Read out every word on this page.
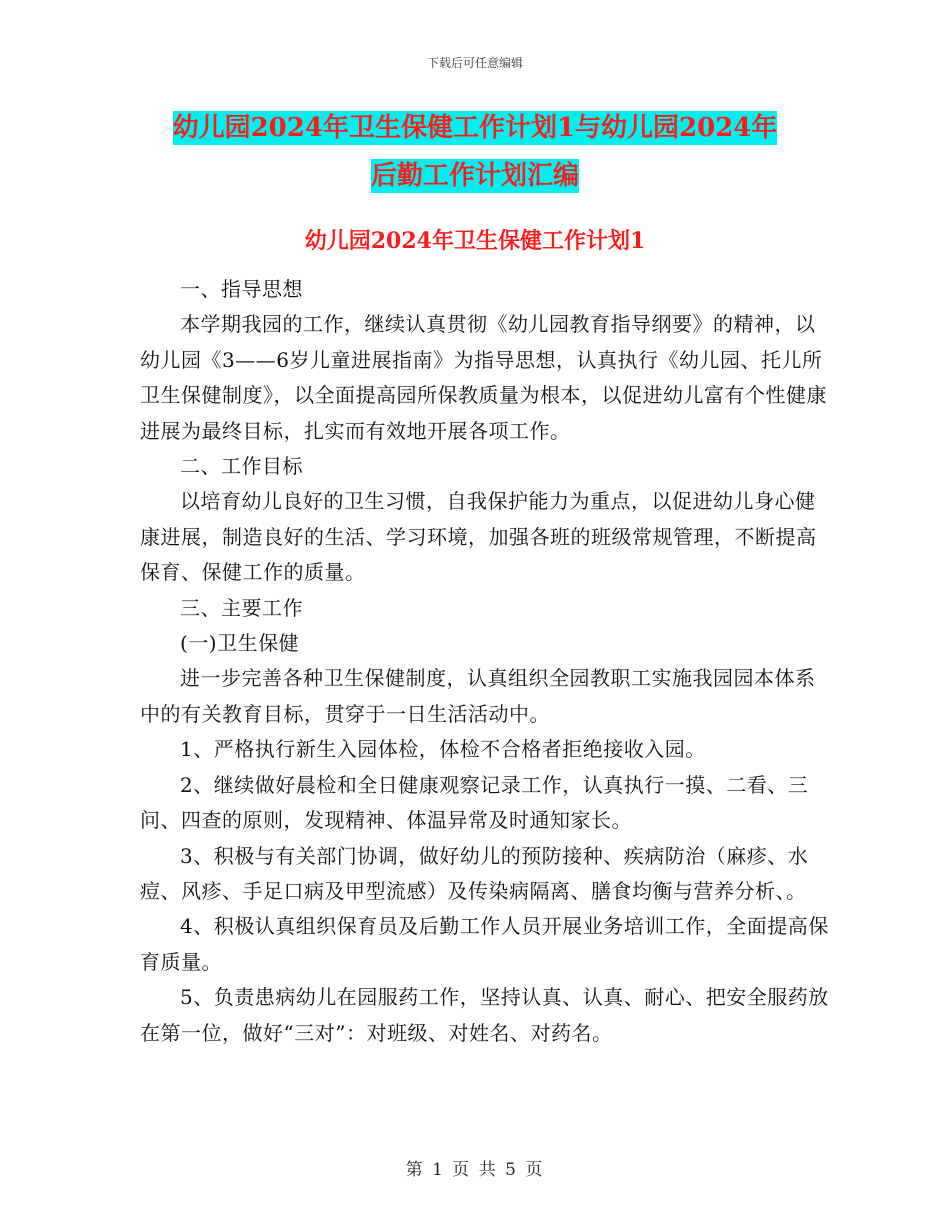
下载后可任意编辑
幼儿园2024年卫生保健工作计划1与幼儿园2024年
后勤工作计划汇编
幼儿园2024年卫生保健工作计划1

一、指导思想

本学期我园的工作，继续认真贯彻《幼儿园教育指导纲要》的精神，以幼儿园《3——6岁儿童进展指南》为指导思想，认真执行《幼儿园、托儿所卫生保健制度》，以全面提高园所保教质量为根本，以促进幼儿富有个性健康进展为最终目标，扎实而有效地开展各项工作。

二、工作目标

以培育幼儿良好的卫生习惯，自我保护能力为重点，以促进幼儿身心健康进展，制造良好的生活、学习环境，加强各班的班级常规管理，不断提高保育、保健工作的质量。

三、主要工作

(一)卫生保健

进一步完善各种卫生保健制度，认真组织全园教职工实施我园园本体系中的有关教育目标，贯穿于一日生活活动中。

1、严格执行新生入园体检，体检不合格者拒绝接收入园。

2、继续做好晨检和全日健康观察记录工作，认真执行一摸、二看、三问、四查的原则，发现精神、体温异常及时通知家长。

3、积极与有关部门协调，做好幼儿的预防接种、疾病防治（麻疹、水痘、风疹、手足口病及甲型流感）及传染病隔离、膳食均衡与营养分析、。

4、积极认真组织保育员及后勤工作人员开展业务培训工作，全面提高保育质量。

5、负责患病幼儿在园服药工作，坚持认真、认真、耐心、把安全服药放在第一位，做好“三对”：对班级、对姓名、对药名。

第 1 页 共 5 页
